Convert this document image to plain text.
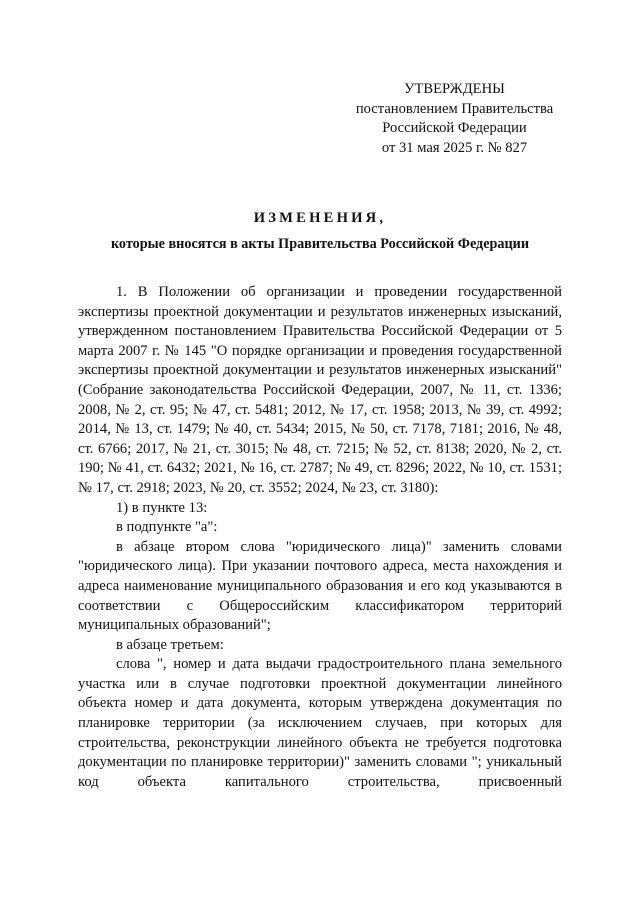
УТВЕРЖДЕНЫ
постановлением Правительства
Российской Федерации
от 31 мая 2025 г. № 827
ИЗМЕНЕНИЯ,
которые вносятся в акты Правительства Российской Федерации

1. В Положении об организации и проведении государственной экспертизы проектной документации и результатов инженерных изысканий, утвержденном постановлением Правительства Российской Федерации от 5 марта 2007 г. № 145 "О порядке организации и проведения государственной экспертизы проектной документации и результатов инженерных изысканий" (Собрание законодательства Российской Федерации, 2007, № 11, ст. 1336; 2008, № 2, ст. 95; № 47, ст. 5481; 2012, № 17, ст. 1958; 2013, № 39, ст. 4992; 2014, № 13, ст. 1479; № 40, ст. 5434; 2015, № 50, ст. 7178, 7181; 2016, № 48, ст. 6766; 2017, № 21, ст. 3015; № 48, ст. 7215; № 52, ст. 8138; 2020, № 2, ст. 190; № 41, ст. 6432; 2021, № 16, ст. 2787; № 49, ст. 8296; 2022, № 10, ст. 1531; № 17, ст. 2918; 2023, № 20, ст. 3552; 2024, № 23, ст. 3180):

1) в пункте 13:

в подпункте "а":

в абзаце втором слова "юридического лица)" заменить словами "юридического лица). При указании почтового адреса, места нахождения и адреса наименование муниципального образования и его код указываются в соответствии с Общероссийским классификатором территорий муниципальных образований";

в абзаце третьем:

слова ", номер и дата выдачи градостроительного плана земельного участка или в случае подготовки проектной документации линейного объекта номер и дата документа, которым утверждена документация по планировке территории (за исключением случаев, при которых для строительства, реконструкции линейного объекта не требуется подготовка документации по планировке территории)" заменить словами "; уникальный код объекта капитального строительства, присвоенный
